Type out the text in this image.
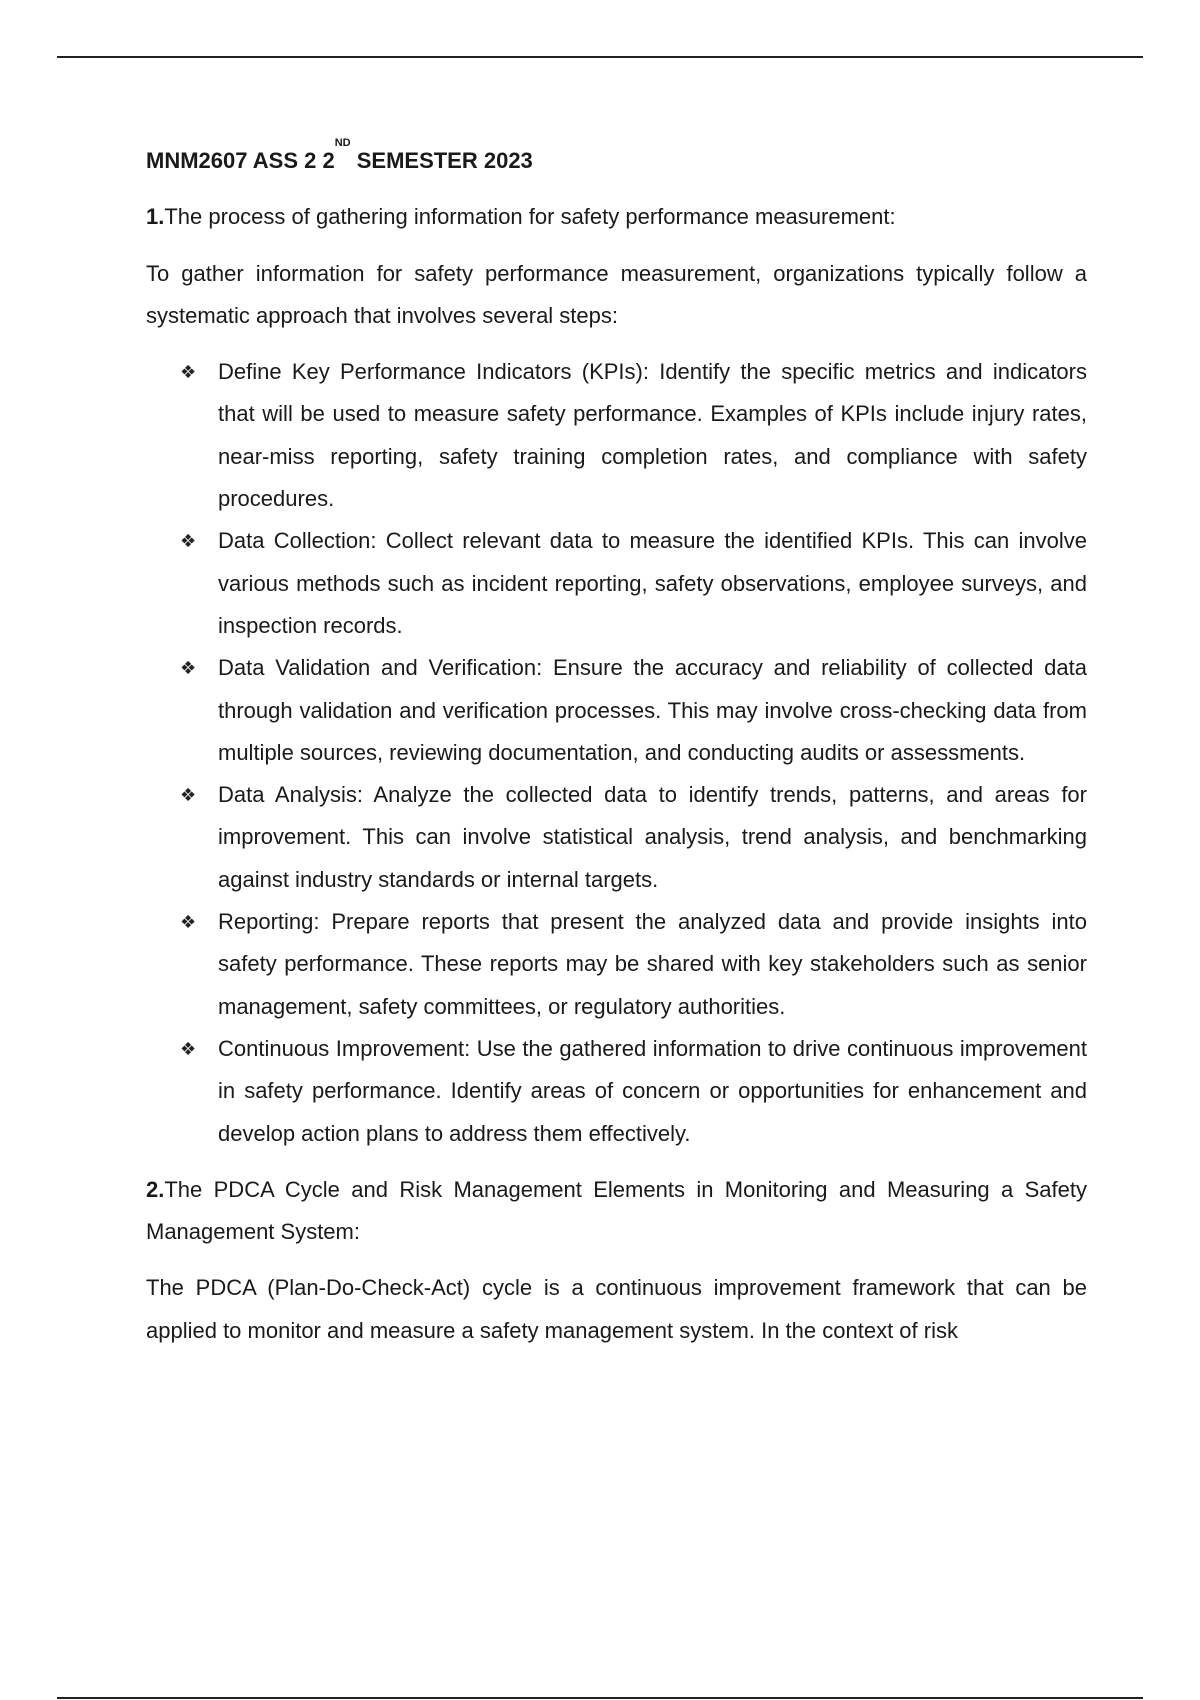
MNM2607 ASS 2 2ND SEMESTER 2023

1.The process of gathering information for safety performance measurement:

To gather information for safety performance measurement, organizations typically follow a systematic approach that involves several steps:

❖ Define Key Performance Indicators (KPIs): Identify the specific metrics and indicators that will be used to measure safety performance. Examples of KPIs include injury rates, near-miss reporting, safety training completion rates, and compliance with safety procedures.
❖ Data Collection: Collect relevant data to measure the identified KPIs. This can involve various methods such as incident reporting, safety observations, employee surveys, and inspection records.
❖ Data Validation and Verification: Ensure the accuracy and reliability of collected data through validation and verification processes. This may involve cross-checking data from multiple sources, reviewing documentation, and conducting audits or assessments.
❖ Data Analysis: Analyze the collected data to identify trends, patterns, and areas for improvement. This can involve statistical analysis, trend analysis, and benchmarking against industry standards or internal targets.
❖ Reporting: Prepare reports that present the analyzed data and provide insights into safety performance. These reports may be shared with key stakeholders such as senior management, safety committees, or regulatory authorities.
❖ Continuous Improvement: Use the gathered information to drive continuous improvement in safety performance. Identify areas of concern or opportunities for enhancement and develop action plans to address them effectively.

2.The PDCA Cycle and Risk Management Elements in Monitoring and Measuring a Safety Management System:

The PDCA (Plan-Do-Check-Act) cycle is a continuous improvement framework that can be applied to monitor and measure a safety management system. In the context of risk
